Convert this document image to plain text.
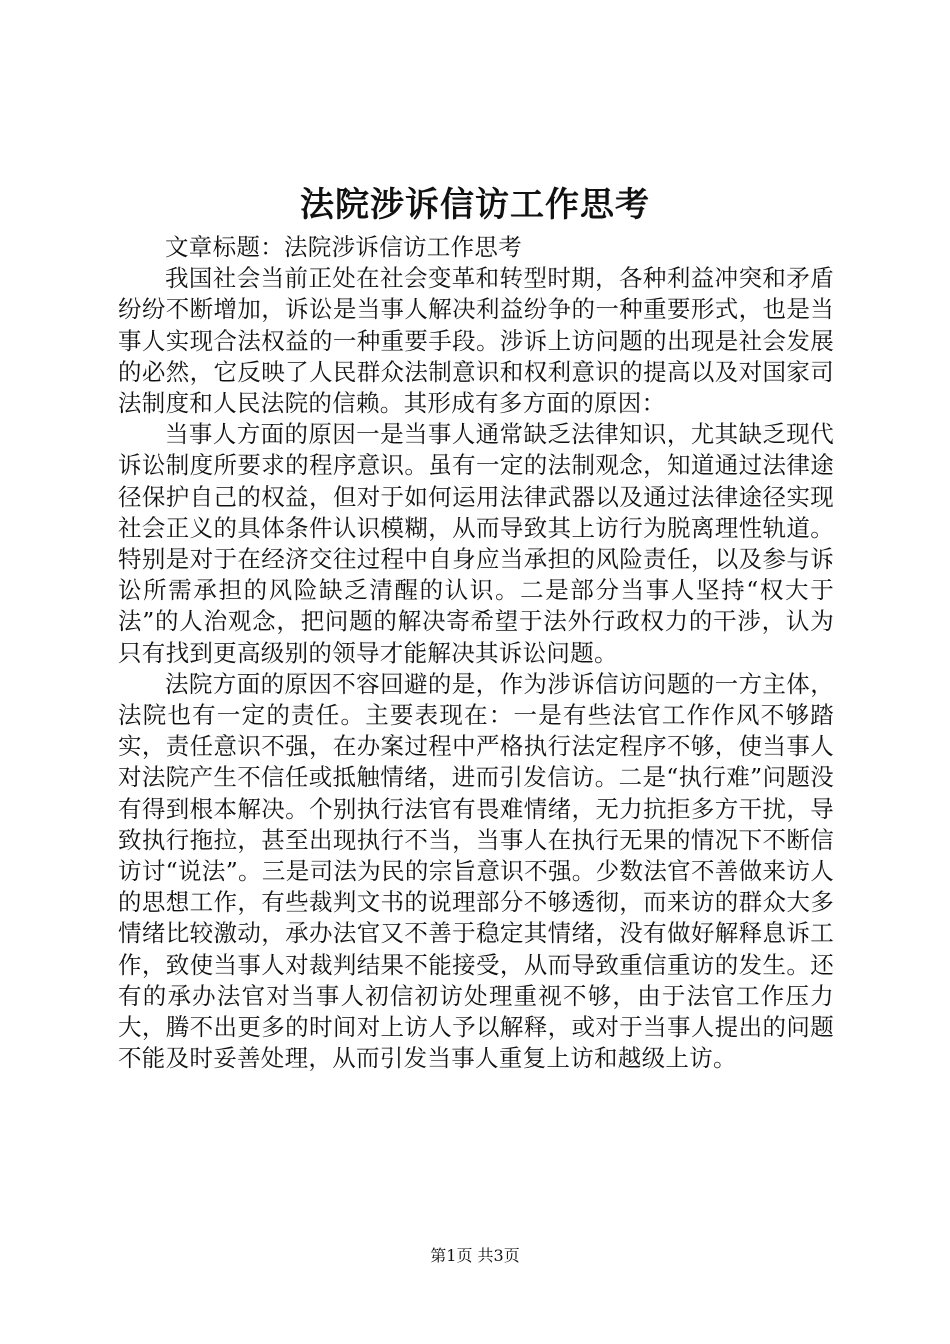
法院涉诉信访工作思考

文章标题：法院涉诉信访工作思考

我国社会当前正处在社会变革和转型时期，各种利益冲突和矛盾纷纷不断增加，诉讼是当事人解决利益纷争的一种重要形式，也是当事人实现合法权益的一种重要手段。涉诉上访问题的出现是社会发展的必然，它反映了人民群众法制意识和权利意识的提高以及对国家司法制度和人民法院的信赖。其形成有多方面的原因：

当事人方面的原因一是当事人通常缺乏法律知识，尤其缺乏现代诉讼制度所要求的程序意识。虽有一定的法制观念，知道通过法律途径保护自己的权益，但对于如何运用法律武器以及通过法律途径实现社会正义的具体条件认识模糊，从而导致其上访行为脱离理性轨道。特别是对于在经济交往过程中自身应当承担的风险责任，以及参与诉讼所需承担的风险缺乏清醒的认识。二是部分当事人坚持“权大于法”的人治观念，把问题的解决寄希望于法外行政权力的干涉，认为只有找到更高级别的领导才能解决其诉讼问题。

法院方面的原因不容回避的是，作为涉诉信访问题的一方主体，法院也有一定的责任。主要表现在：一是有些法官工作作风不够踏实，责任意识不强，在办案过程中严格执行法定程序不够，使当事人对法院产生不信任或抵触情绪，进而引发信访。二是“执行难”问题没有得到根本解决。个别执行法官有畏难情绪，无力抗拒多方干扰，导致执行拖拉，甚至出现执行不当，当事人在执行无果的情况下不断信访讨“说法”。三是司法为民的宗旨意识不强。少数法官不善做来访人的思想工作，有些裁判文书的说理部分不够透彻，而来访的群众大多情绪比较激动，承办法官又不善于稳定其情绪，没有做好解释息诉工作，致使当事人对裁判结果不能接受，从而导致重信重访的发生。还有的承办法官对当事人初信初访处理重视不够，由于法官工作压力大，腾不出更多的时间对上访人予以解释，或对于当事人提出的问题不能及时妥善处理，从而引发当事人重复上访和越级上访。

第1页 共3页
